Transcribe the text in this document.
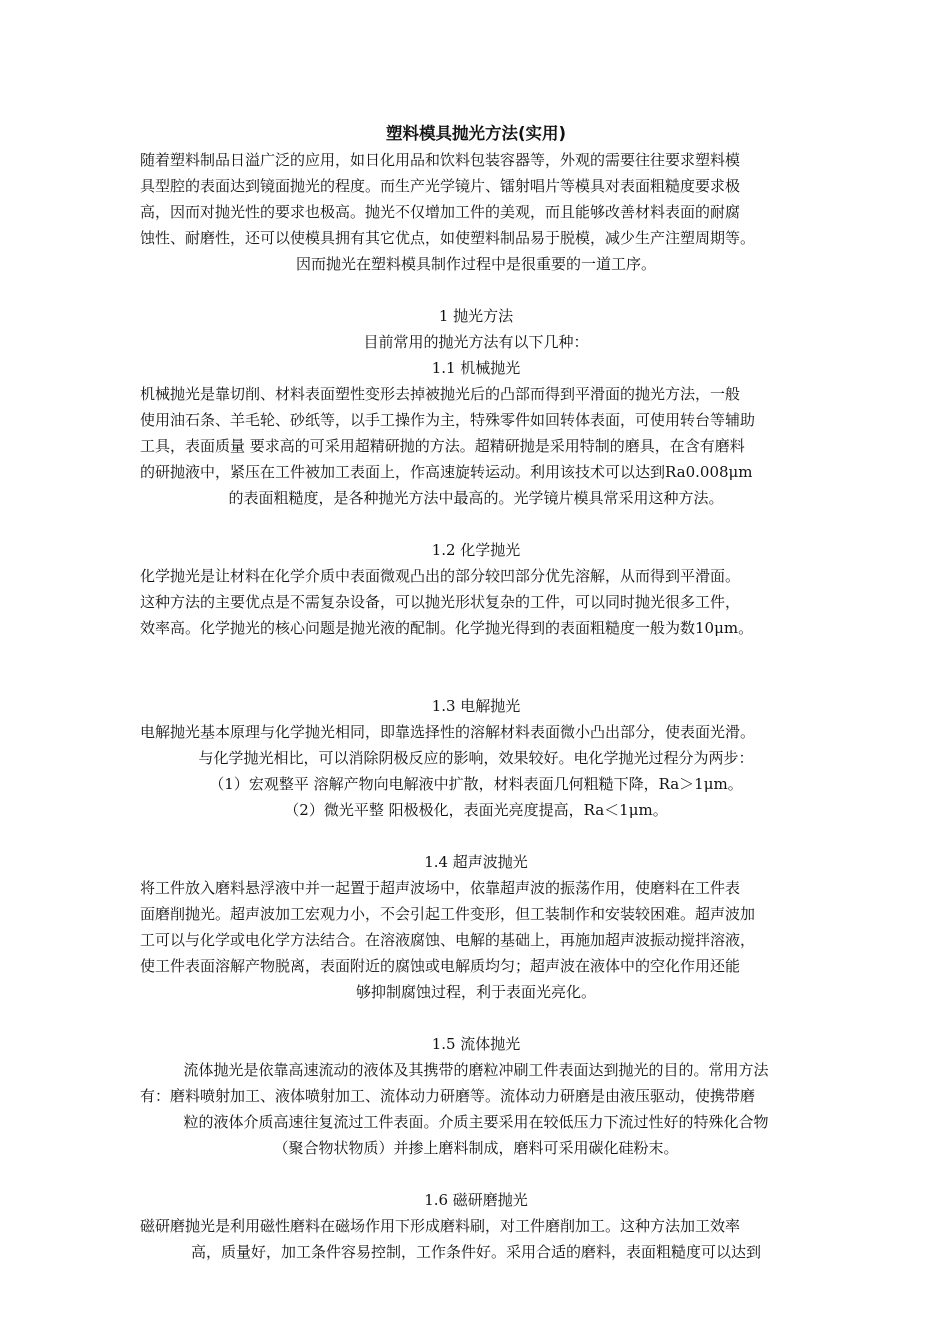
塑料模具抛光方法(实用)
随着塑料制品日溢广泛的应用，如日化用品和饮料包装容器等，外观的需要往往要求塑料模
具型腔的表面达到镜面抛光的程度。而生产光学镜片、镭射唱片等模具对表面粗糙度要求极
高，因而对抛光性的要求也极高。抛光不仅增加工件的美观，而且能够改善材料表面的耐腐
蚀性、耐磨性，还可以使模具拥有其它优点，如使塑料制品易于脱模，减少生产注塑周期等。
因而抛光在塑料模具制作过程中是很重要的一道工序。
1 抛光方法
目前常用的抛光方法有以下几种：
1.1 机械抛光
机械抛光是靠切削、材料表面塑性变形去掉被抛光后的凸部而得到平滑面的抛光方法，一般
使用油石条、羊毛轮、砂纸等，以手工操作为主，特殊零件如回转体表面，可使用转台等辅助
工具，表面质量 要求高的可采用超精研抛的方法。超精研抛是采用特制的磨具，在含有磨料
的研抛液中，紧压在工件被加工表面上，作高速旋转运动。利用该技术可以达到Ra0.008μm
的表面粗糙度，是各种抛光方法中最高的。光学镜片模具常采用这种方法。
1.2 化学抛光
化学抛光是让材料在化学介质中表面微观凸出的部分较凹部分优先溶解，从而得到平滑面。
这种方法的主要优点是不需复杂设备，可以抛光形状复杂的工件，可以同时抛光很多工件，
效率高。化学抛光的核心问题是抛光液的配制。化学抛光得到的表面粗糙度一般为数10μm。
1.3 电解抛光
电解抛光基本原理与化学抛光相同，即靠选择性的溶解材料表面微小凸出部分，使表面光滑。
与化学抛光相比，可以消除阴极反应的影响，效果较好。电化学抛光过程分为两步：
（1）宏观整平 溶解产物向电解液中扩散，材料表面几何粗糙下降，Ra＞1μm。
（2）微光平整 阳极极化，表面光亮度提高，Ra＜1μm。
1.4 超声波抛光
将工件放入磨料悬浮液中并一起置于超声波场中，依靠超声波的振荡作用，使磨料在工件表
面磨削抛光。超声波加工宏观力小，不会引起工件变形，但工装制作和安装较困难。超声波加
工可以与化学或电化学方法结合。在溶液腐蚀、电解的基础上，再施加超声波振动搅拌溶液，
使工件表面溶解产物脱离，表面附近的腐蚀或电解质均匀；超声波在液体中的空化作用还能
够抑制腐蚀过程，利于表面光亮化。
1.5 流体抛光
流体抛光是依靠高速流动的液体及其携带的磨粒冲刷工件表面达到抛光的目的。常用方法
有：磨料喷射加工、液体喷射加工、流体动力研磨等。流体动力研磨是由液压驱动，使携带磨
粒的液体介质高速往复流过工件表面。介质主要采用在较低压力下流过性好的特殊化合物
（聚合物状物质）并掺上磨料制成，磨料可采用碳化硅粉末。
1.6 磁研磨抛光
磁研磨抛光是利用磁性磨料在磁场作用下形成磨料刷，对工件磨削加工。这种方法加工效率
高，质量好，加工条件容易控制，工作条件好。采用合适的磨料，表面粗糙度可以达到
